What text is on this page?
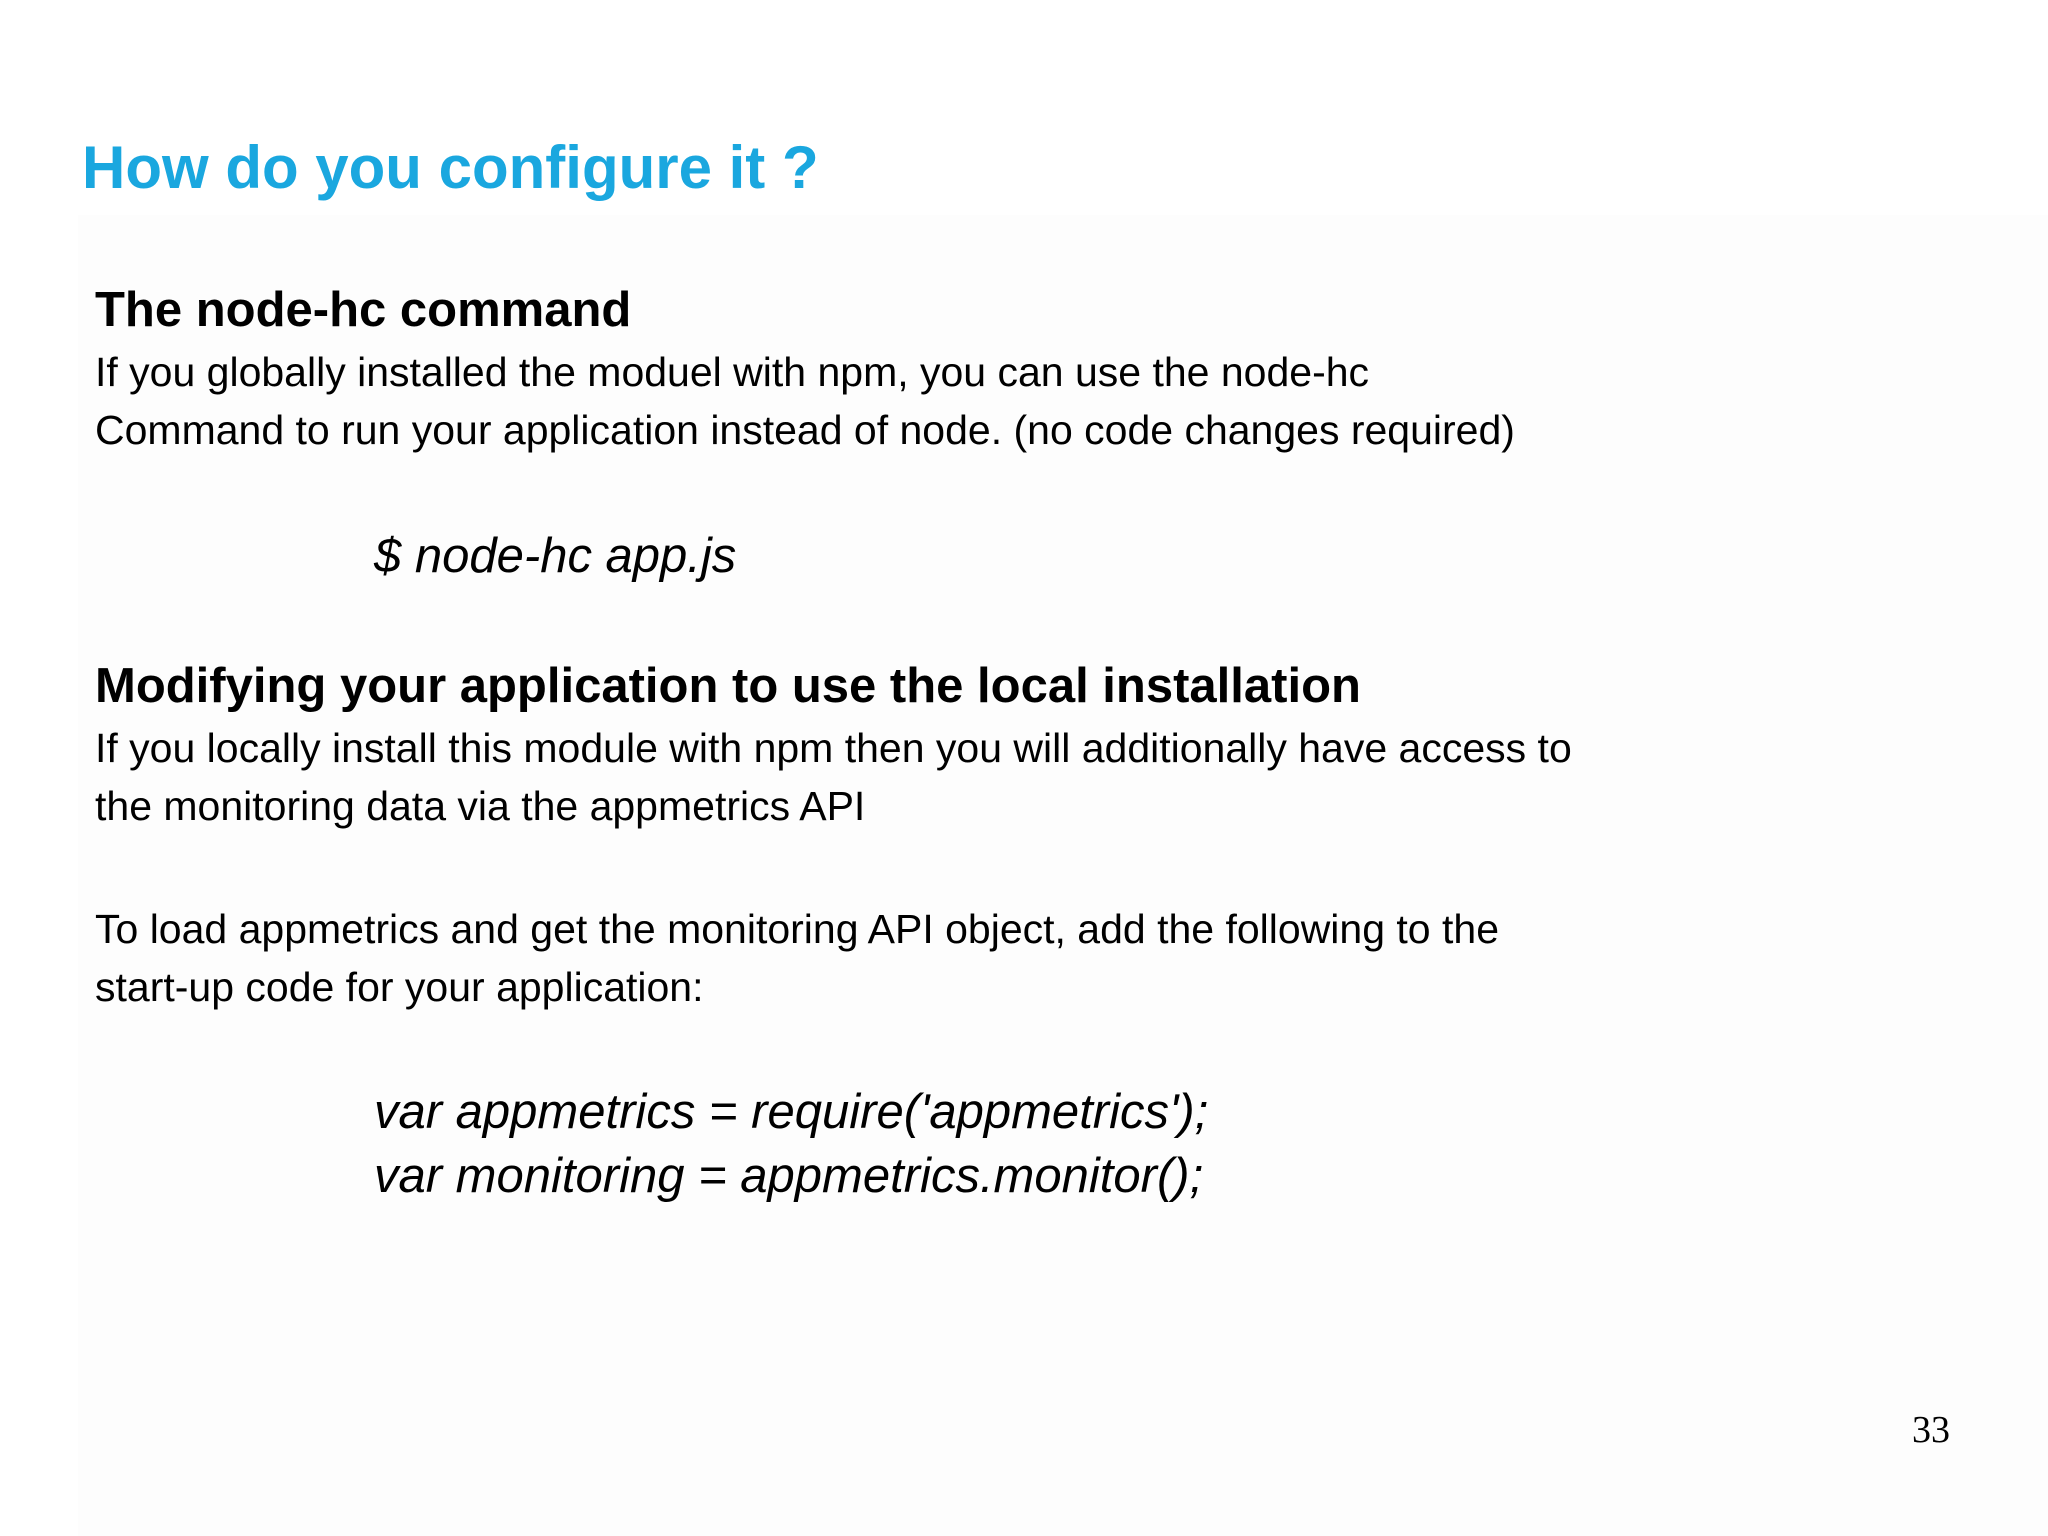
How do you configure it ?
The node-hc command

If you globally installed the moduel with npm, you can use the node-hc
Command to run your application instead of node. (no code changes required)

$ node-hc app.js

Modifying your application to use the local installation

If you locally install this module with npm then you will additionally have access to
the monitoring data via the appmetrics API

To load appmetrics and get the monitoring API object, add the following to the
start-up code for your application:

var appmetrics = require('appmetrics');
var monitoring = appmetrics.monitor();

33
